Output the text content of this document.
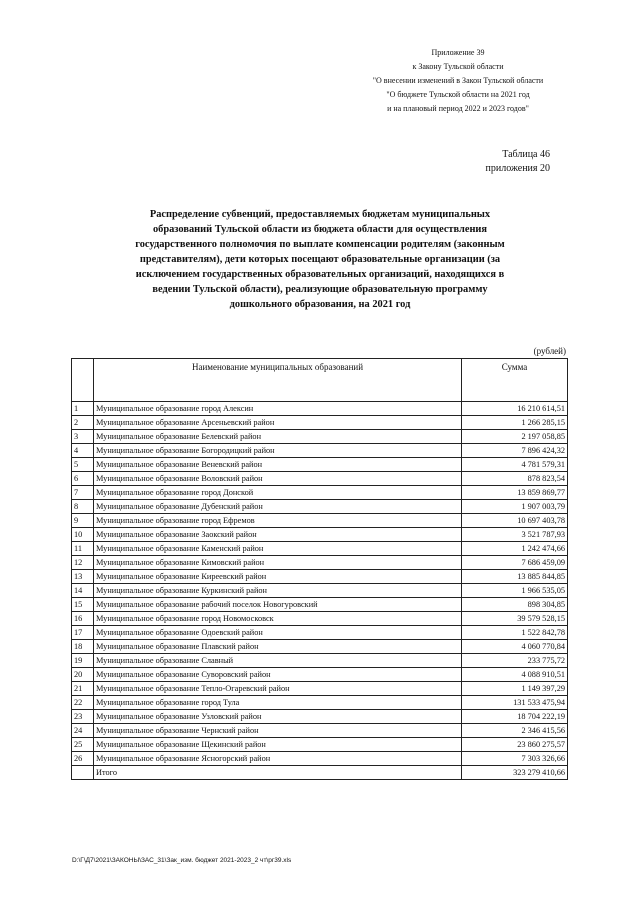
Приложение 39
к Закону Тульской области
"О внесении изменений в Закон Тульской области
"О бюджете Тульской области на 2021 год
и на плановый период 2022 и 2023 годов"
Таблица 46
приложения 20
Распределение субвенций, предоставляемых бюджетам муниципальных
образований Тульской области из бюджета области для осуществления
государственного полномочия по выплате компенсации родителям (законным
представителям), дети которых посещают образовательные организации (за
исключением государственных образовательных организаций, находящихся в
ведении Тульской области), реализующие образовательную программу
дошкольного образования, на 2021 год
(рублей)
	Наименование муниципальных образований	Сумма
1	Муниципальное образование город Алексин	16 210 614,51
2	Муниципальное образование Арсеньевский район	1 266 285,15
3	Муниципальное образование Белевский район	2 197 058,85
4	Муниципальное образование Богородицкий район	7 896 424,32
5	Муниципальное образование Веневский район	4 781 579,31
6	Муниципальное образование Воловский район	878 823,54
7	Муниципальное образование город Донской	13 859 869,77
8	Муниципальное образование Дубенский район	1 907 003,79
9	Муниципальное образование город Ефремов	10 697 403,78
10	Муниципальное образование Заокский район	3 521 787,93
11	Муниципальное образование Каменский район	1 242 474,66
12	Муниципальное образование Кимовский район	7 686 459,09
13	Муниципальное образование Киреевский район	13 885 844,85
14	Муниципальное образование Куркинский район	1 966 535,05
15	Муниципальное образование рабочий поселок Новогуровский	898 304,85
16	Муниципальное образование город Новомосковск	39 579 528,15
17	Муниципальное образование Одоевский район	1 522 842,78
18	Муниципальное образование Плавский район	4 060 770,84
19	Муниципальное образование Славный	233 775,72
20	Муниципальное образование Суворовский район	4 088 910,51
21	Муниципальное образование Тепло-Огаревский район	1 149 397,29
22	Муниципальное образование город Тула	131 533 475,94
23	Муниципальное образование Узловский район	18 704 222,19
24	Муниципальное образование Чернский район	2 346 415,56
25	Муниципальное образование Щекинский район	23 860 275,57
26	Муниципальное образование Ясногорский район	7 303 326,66
	Итого	323 279 410,66
D:\Г\Д7\2021\ЗАКОНЫ\ЗАС_31\Зак_изм. бюджет 2021-2023_2 чт\рг39.xls
